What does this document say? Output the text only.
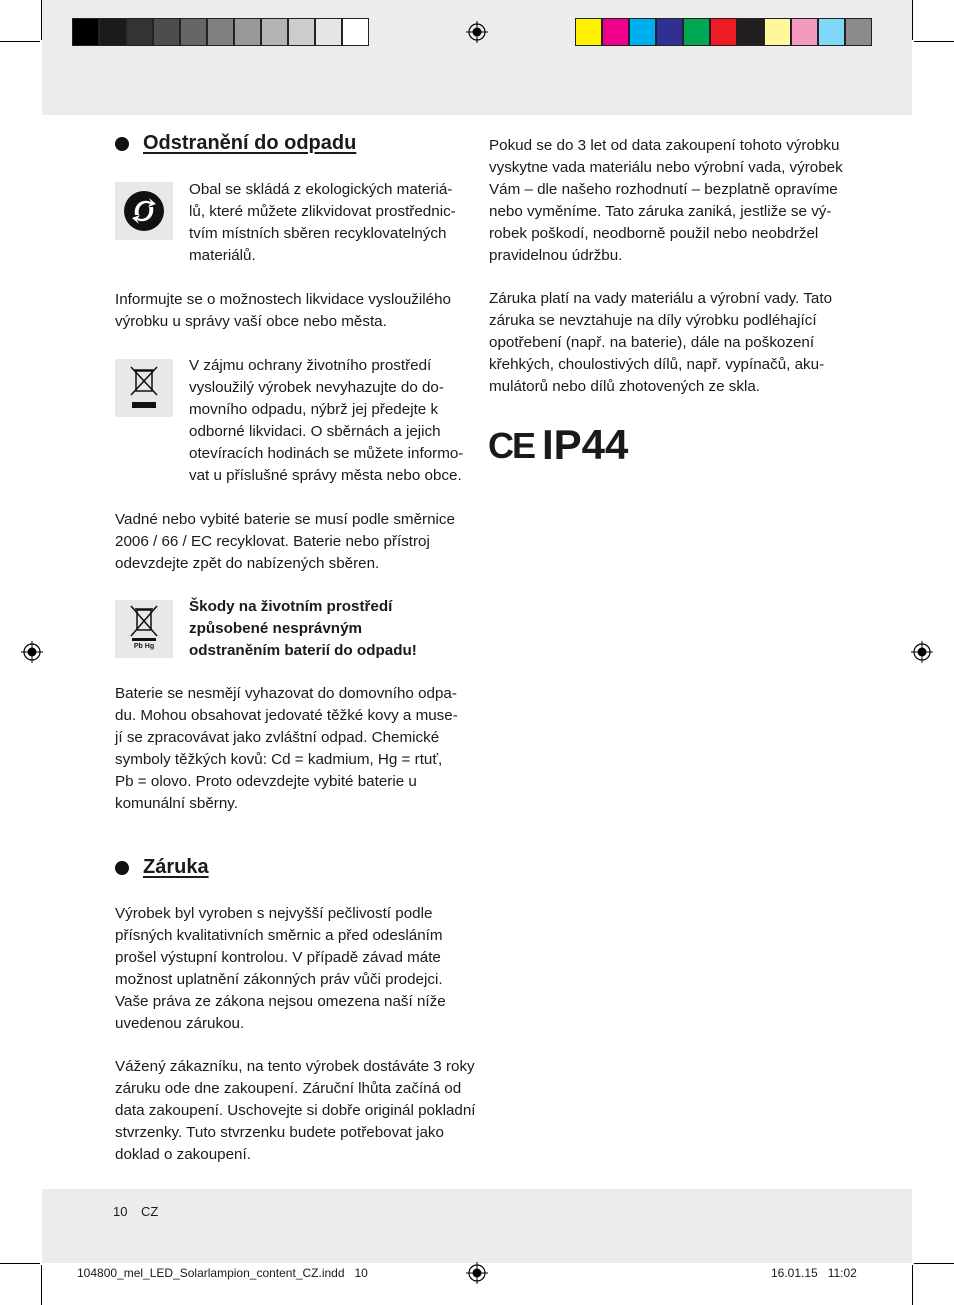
Odstranění do odpadu
Obal se skládá z ekologických materiá-
lů, které můžete zlikvidovat prostřednic-
tvím místních sběren recyklovatelných
materiálů.
Informujte se o možnostech likvidace vysloužilého
výrobku u správy vaší obce nebo města.
V zájmu ochrany životního prostředí
vysloužilý výrobek nevyhazujte do do-
movního odpadu, nýbrž jej předejte k
odborné likvidaci. O sběrnách a jejich
otevíracích hodinách se můžete informo-
vat u příslušné správy města nebo obce.
Vadné nebo vybité baterie se musí podle směrnice
2006 / 66 / EC recyklovat. Baterie nebo přístroj
odevzdejte zpět do nabízených sběren.
Pb Hg
Škody na životním prostředí
způsobené nesprávným
odstraněním baterií do odpadu!
Baterie se nesmějí vyhazovat do domovního odpa-
du. Mohou obsahovat jedovaté těžké kovy a muse-
jí se zpracovávat jako zvláštní odpad. Chemické
symboly těžkých kovů: Cd = kadmium, Hg = rtuť,
Pb = olovo. Proto odevzdejte vybité baterie u
komunální sběrny.
Záruka
Výrobek byl vyroben s nejvyšší pečlivostí podle
přísných kvalitativních směrnic a před odesláním
prošel výstupní kontrolou. V případě závad máte
možnost uplatnění zákonných práv vůči prodejci.
Vaše práva ze zákona nejsou omezena naší níže
uvedenou zárukou.
Vážený zákazníku, na tento výrobek dostáváte 3 roky
záruku ode dne zakoupení. Záruční lhůta začíná od
data zakoupení. Uschovejte si dobře originál pokladní
stvrzenky. Tuto stvrzenku budete potřebovat jako
doklad o zakoupení.
Pokud se do 3 let od data zakoupení tohoto výrobku
vyskytne vada materiálu nebo výrobní vada, výrobek
Vám – dle našeho rozhodnutí – bezplatně opravíme
nebo vyměníme. Tato záruka zaniká, jestliže se vý-
robek poškodí, neodborně použil nebo neobdržel
pravidelnou údržbu.
Záruka platí na vady materiálu a výrobní vady. Tato
záruka se nevztahuje na díly výrobku podléhající
opotřebení (např. na baterie), dále na poškození
křehkých, choulostivých dílů, např. vypínačů, aku-
mulátorů nebo dílů zhotovených ze skla.
CE IP44
10 CZ
104800_mel_LED_Solarlampion_content_CZ.indd   10	16.01.15   11:02
